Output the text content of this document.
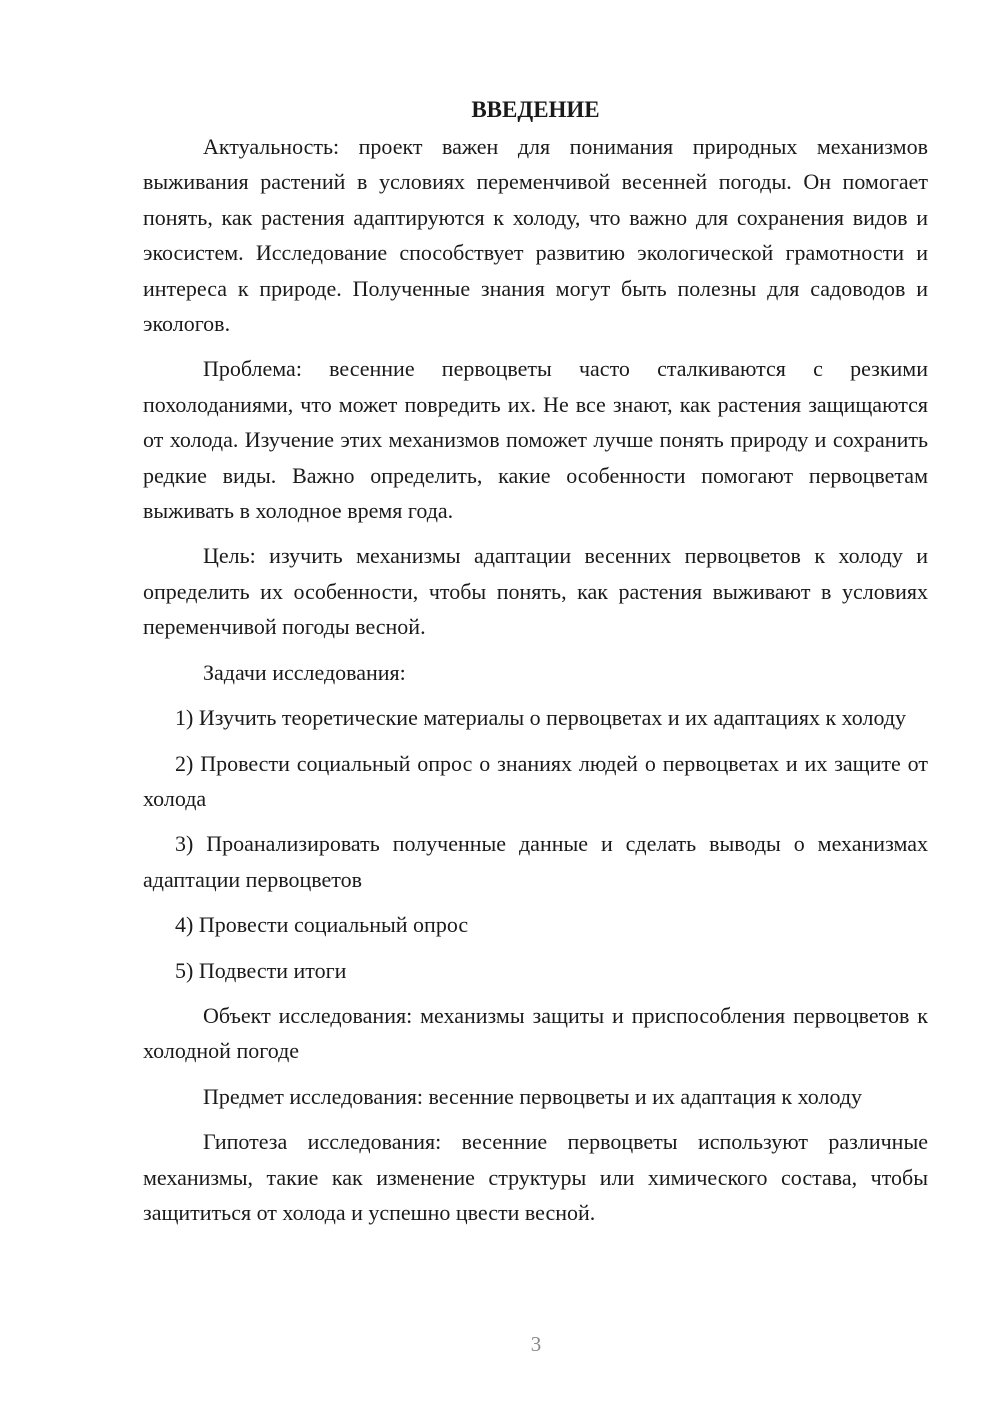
ВВЕДЕНИЕ

Актуальность: проект важен для понимания природных механизмов выживания растений в условиях переменчивой весенней погоды. Он помогает понять, как растения адаптируются к холоду, что важно для сохранения видов и экосистем. Исследование способствует развитию экологической грамотности и интереса к природе. Полученные знания могут быть полезны для садоводов и экологов.

Проблема: весенние первоцветы часто сталкиваются с резкими похолоданиями, что может повредить их. Не все знают, как растения защищаются от холода. Изучение этих механизмов поможет лучше понять природу и сохранить редкие виды. Важно определить, какие особенности помогают первоцветам выживать в холодное время года.

Цель: изучить механизмы адаптации весенних первоцветов к холоду и определить их особенности, чтобы понять, как растения выживают в условиях переменчивой погоды весной.

Задачи исследования:

1) Изучить теоретические материалы о первоцветах и их адаптациях к холоду

2) Провести социальный опрос о знаниях людей о первоцветах и их защите от холода

3) Проанализировать полученные данные и сделать выводы о механизмах адаптации первоцветов

4) Провести социальный опрос

5) Подвести итоги

Объект исследования: механизмы защиты и приспособления первоцветов к холодной погоде

Предмет исследования: весенние первоцветы и их адаптация к холоду

Гипотеза исследования: весенние первоцветы используют различные механизмы, такие как изменение структуры или химического состава, чтобы защититься от холода и успешно цвести весной.

3
